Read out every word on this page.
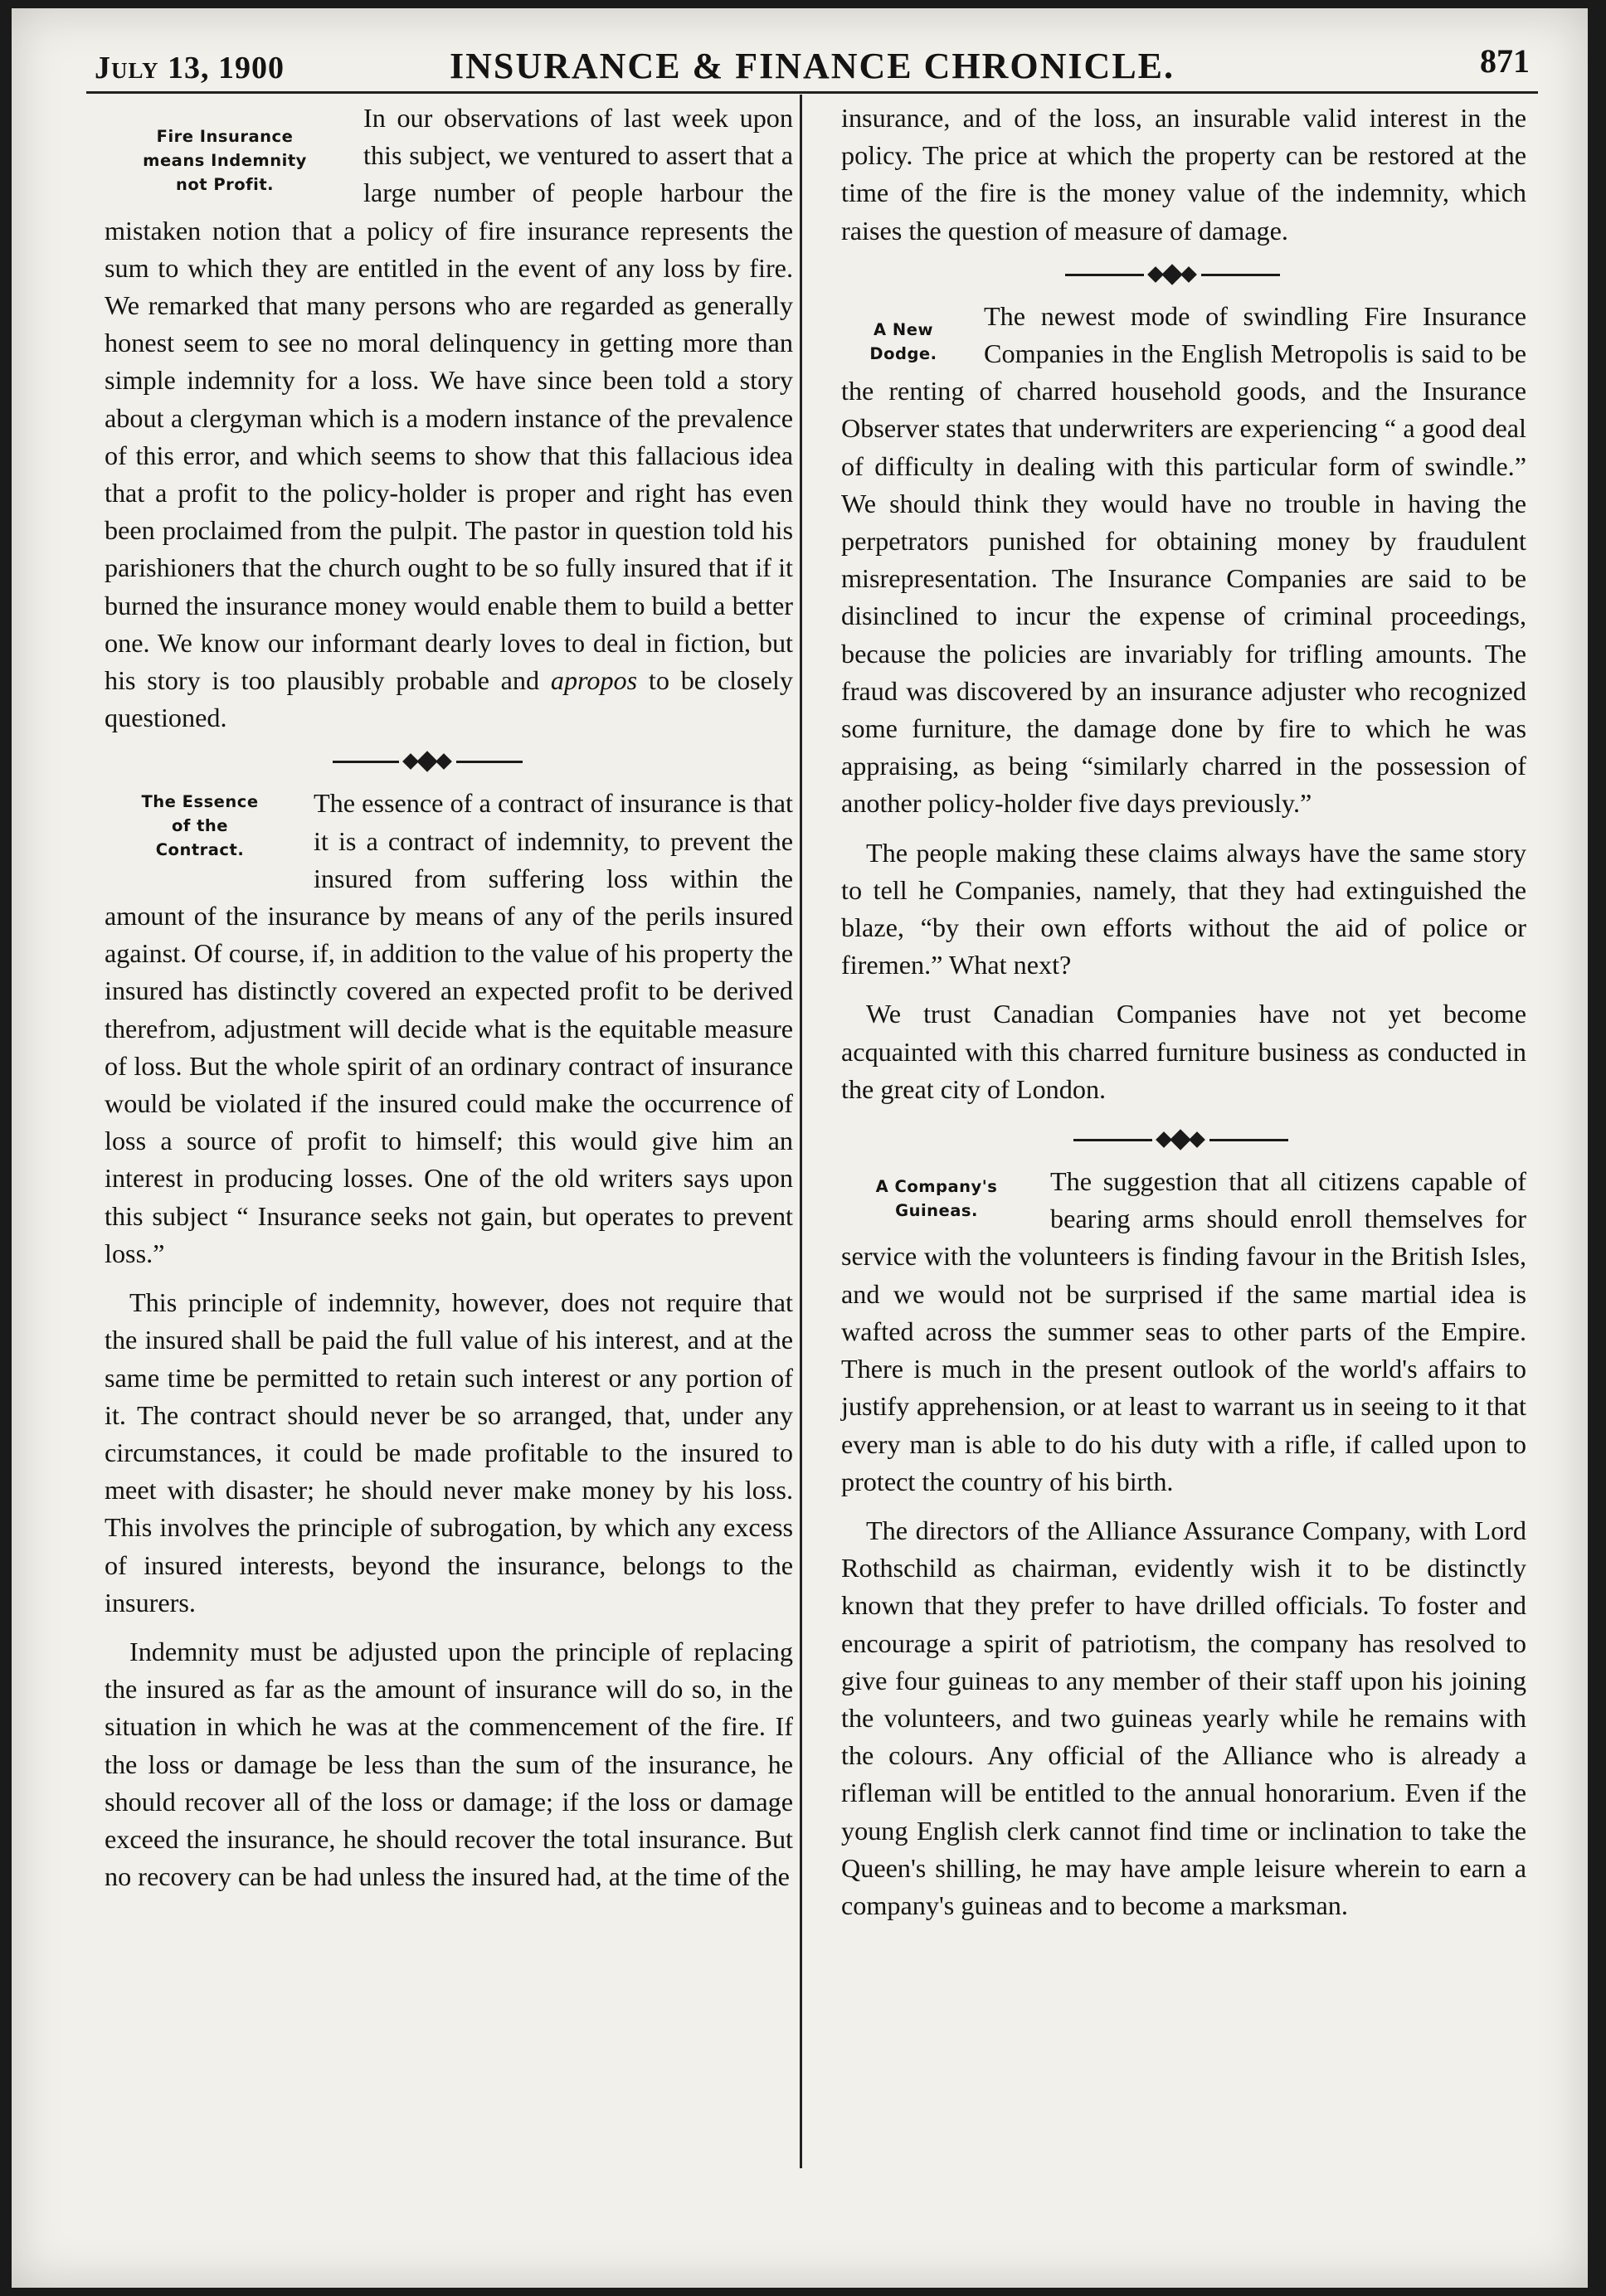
July 13, 1900	INSURANCE & FINANCE CHRONICLE.	871
Fire Insurance
means Indemnity
not Profit.

In our observations of last week upon this subject, we ventured to assert that a large number of people harbour the mistaken notion that a policy of fire insurance represents the sum to which they are entitled in the event of any loss by fire. We remarked that many persons who are regarded as generally honest seem to see no moral delinquency in getting more than simple indemnity for a loss. We have since been told a story about a clergyman which is a modern instance of the prevalence of this error, and which seems to show that this fallacious idea that a profit to the policy-holder is proper and right has even been proclaimed from the pulpit. The pastor in question told his parishioners that the church ought to be so fully insured that if it burned the insurance money would enable them to build a better one. We know our informant dearly loves to deal in fiction, but his story is too plausibly probable and apropos to be closely questioned.

The Essence
of the
Contract.

The essence of a contract of insurance is that it is a contract of indemnity, to prevent the insured from suffering loss within the amount of the insurance by means of any of the perils insured against. Of course, if, in addition to the value of his property the insured has distinctly covered an expected profit to be derived therefrom, adjustment will decide what is the equitable measure of loss. But the whole spirit of an ordinary contract of insurance would be violated if the insured could make the occurrence of loss a source of profit to himself; this would give him an interest in producing losses. One of the old writers says upon this subject “ Insurance seeks not gain, but operates to prevent loss.”

This principle of indemnity, however, does not require that the insured shall be paid the full value of his interest, and at the same time be permitted to retain such interest or any portion of it. The contract should never be so arranged, that, under any circumstances, it could be made profitable to the insured to meet with disaster; he should never make money by his loss. This involves the principle of subrogation, by which any excess of insured interests, beyond the insurance, belongs to the insurers.

Indemnity must be adjusted upon the principle of replacing the insured as far as the amount of insurance will do so, in the situation in which he was at the commencement of the fire. If the loss or damage be less than the sum of the insurance, he should recover all of the loss or damage; if the loss or damage exceed the insurance, he should recover the total insurance. But no recovery can be had unless the insured had, at the time of the

insurance, and of the loss, an insurable valid interest in the policy. The price at which the property can be restored at the time of the fire is the money value of the indemnity, which raises the question of measure of damage.

A New
Dodge.

The newest mode of swindling Fire Insurance Companies in the English Metropolis is said to be the renting of charred household goods, and the Insurance Observer states that underwriters are experiencing “ a good deal of difficulty in dealing with this particular form of swindle.” We should think they would have no trouble in having the perpetrators punished for obtaining money by fraudulent misrepresentation. The Insurance Companies are said to be disinclined to incur the expense of criminal proceedings, because the policies are invariably for trifling amounts. The fraud was discovered by an insurance adjuster who recognized some furniture, the damage done by fire to which he was appraising, as being “similarly charred in the possession of another policy-holder five days previously.”

The people making these claims always have the same story to tell he Companies, namely, that they had extinguished the blaze, “by their own efforts without the aid of police or firemen.” What next?

We trust Canadian Companies have not yet become acquainted with this charred furniture business as conducted in the great city of London.

A Company's
Guineas.

The suggestion that all citizens capable of bearing arms should enroll themselves for service with the volunteers is finding favour in the British Isles, and we would not be surprised if the same martial idea is wafted across the summer seas to other parts of the Empire. There is much in the present outlook of the world's affairs to justify apprehension, or at least to warrant us in seeing to it that every man is able to do his duty with a rifle, if called upon to protect the country of his birth.

The directors of the Alliance Assurance Company, with Lord Rothschild as chairman, evidently wish it to be distinctly known that they prefer to have drilled officials. To foster and encourage a spirit of patriotism, the company has resolved to give four guineas to any member of their staff upon his joining the volunteers, and two guineas yearly while he remains with the colours. Any official of the Alliance who is already a rifleman will be entitled to the annual honorarium. Even if the young English clerk cannot find time or inclination to take the Queen's shilling, he may have ample leisure wherein to earn a company's guineas and to become a marksman.
